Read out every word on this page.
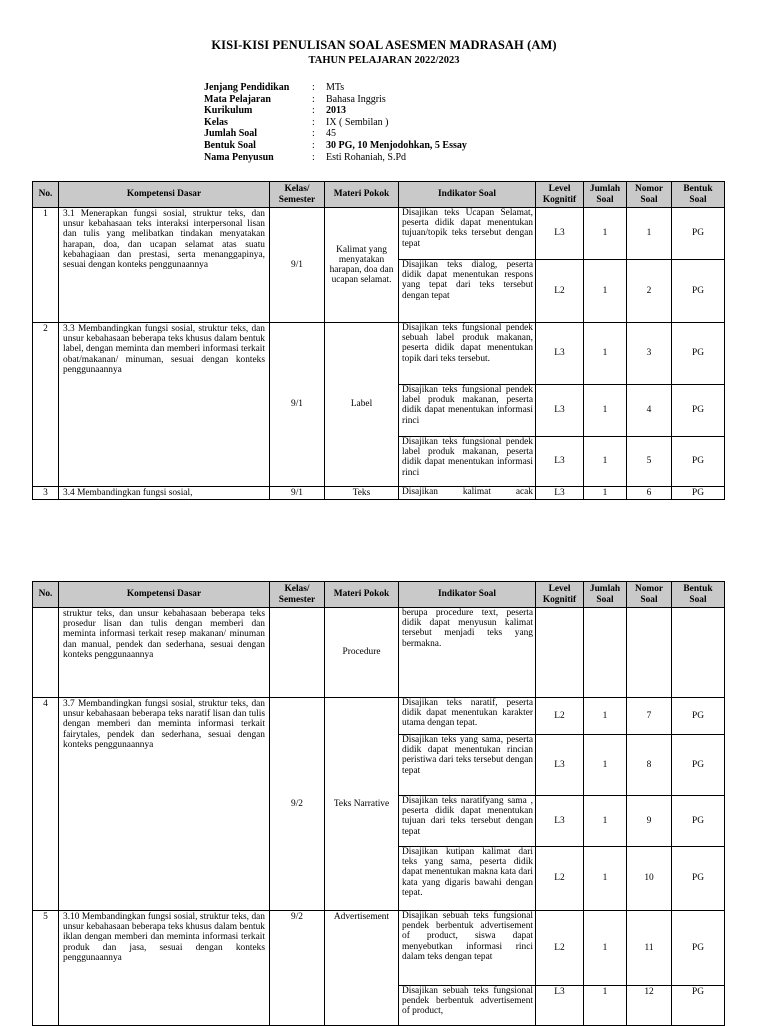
KISI-KISI PENULISAN SOAL ASESMEN MADRASAH (AM)
TAHUN PELAJARAN 2022/2023
Jenjang Pendidikan	:	MTs
Mata Pelajaran	:	Bahasa Inggris
Kurikulum	:	2013
Kelas	:	IX ( Sembilan )
Jumlah Soal	:	45
Bentuk Soal	:	30 PG, 10 Menjodohkan, 5 Essay
Nama Penyusun	:	Esti Rohaniah, S.Pd
No.	Kompetensi Dasar	Kelas/ Semester	Materi Pokok	Indikator Soal	Level Kognitif	Jumlah Soal	Nomor Soal	Bentuk Soal
1	3.1 Menerapkan fungsi sosial, struktur teks, dan unsur kebahasaan teks interaksi interpersonal lisan dan tulis yang melibatkan tindakan menyatakan harapan, doa, dan ucapan selamat atas suatu kebahagiaan dan prestasi, serta menanggapinya, sesuai dengan konteks penggunaannya	9/1	Kalimat yang menyatakan harapan, doa dan ucapan selamat.	Disajikan teks Ucapan Selamat, peserta didik dapat menentukan tujuan/topik teks tersebut dengan tepat	L3	1	1	PG
				Disajikan teks dialog, peserta didik dapat menentukan respons yang tepat dari teks tersebut dengan tepat	L2	1	2	PG
2	3.3 Membandingkan fungsi sosial, struktur teks, dan unsur kebahasaan beberapa teks khusus dalam bentuk label, dengan meminta dan memberi informasi terkait obat/makanan/ minuman, sesuai dengan konteks penggunaannya	9/1	Label	Disajikan teks fungsional pendek sebuah label produk makanan, peserta didik dapat menentukan topik dari teks tersebut.	L3	1	3	PG
				Disajikan teks fungsional pendek label produk makanan, peserta didik dapat menentukan informasi rinci	L3	1	4	PG
				Disajikan teks fungsional pendek label produk makanan, peserta didik dapat menentukan informasi rinci	L3	1	5	PG
3	3.4 Membandingkan fungsi sosial,	9/1	Teks	Disajikan kalimat acak	L3	1	6	PG
No.	Kompetensi Dasar	Kelas/ Semester	Materi Pokok	Indikator Soal	Level Kognitif	Jumlah Soal	Nomor Soal	Bentuk Soal
	struktur teks, dan unsur kebahasaan beberapa teks prosedur lisan dan tulis dengan memberi dan meminta informasi terkait resep makanan/ minuman dan manual, pendek dan sederhana, sesuai dengan konteks penggunaannya		Procedure	berupa procedure text, peserta didik dapat menyusun kalimat tersebut menjadi teks yang bermakna.				
4	3.7 Membandingkan fungsi sosial, struktur teks, dan unsur kebahasaan beberapa teks naratif lisan dan tulis dengan memberi dan meminta informasi terkait fairytales, pendek dan sederhana, sesuai dengan konteks penggunaannya	9/2	Teks Narrative	Disajikan teks naratif, peserta didik dapat menentukan karakter utama dengan tepat.	L2	1	7	PG
				Disajikan teks yang sama, peserta didik dapat menentukan rincian peristiwa dari teks tersebut dengan tepat	L3	1	8	PG
				Disajikan teks naratifyang sama , peserta didik dapat menentukan tujuan dari teks tersebut dengan tepat	L3	1	9	PG
				Disajikan kutipan kalimat dari teks yang sama, peserta didik dapat menentukan makna kata dari kata yang digaris bawahi dengan tepat.	L2	1	10	PG
5	3.10 Membandingkan fungsi sosial, struktur teks, dan unsur kebahasaan beberapa teks khusus dalam bentuk iklan dengan memberi dan meminta informasi terkait produk dan jasa, sesuai dengan konteks penggunaannya	9/2	Advertisement	Disajikan sebuah teks fungsional pendek berbentuk advertisement of product, siswa dapat menyebutkan informasi rinci dalam teks dengan tepat	L2	1	11	PG
				Disajikan sebuah teks fungsional pendek berbentuk advertisement of product,	L3	1	12	PG
